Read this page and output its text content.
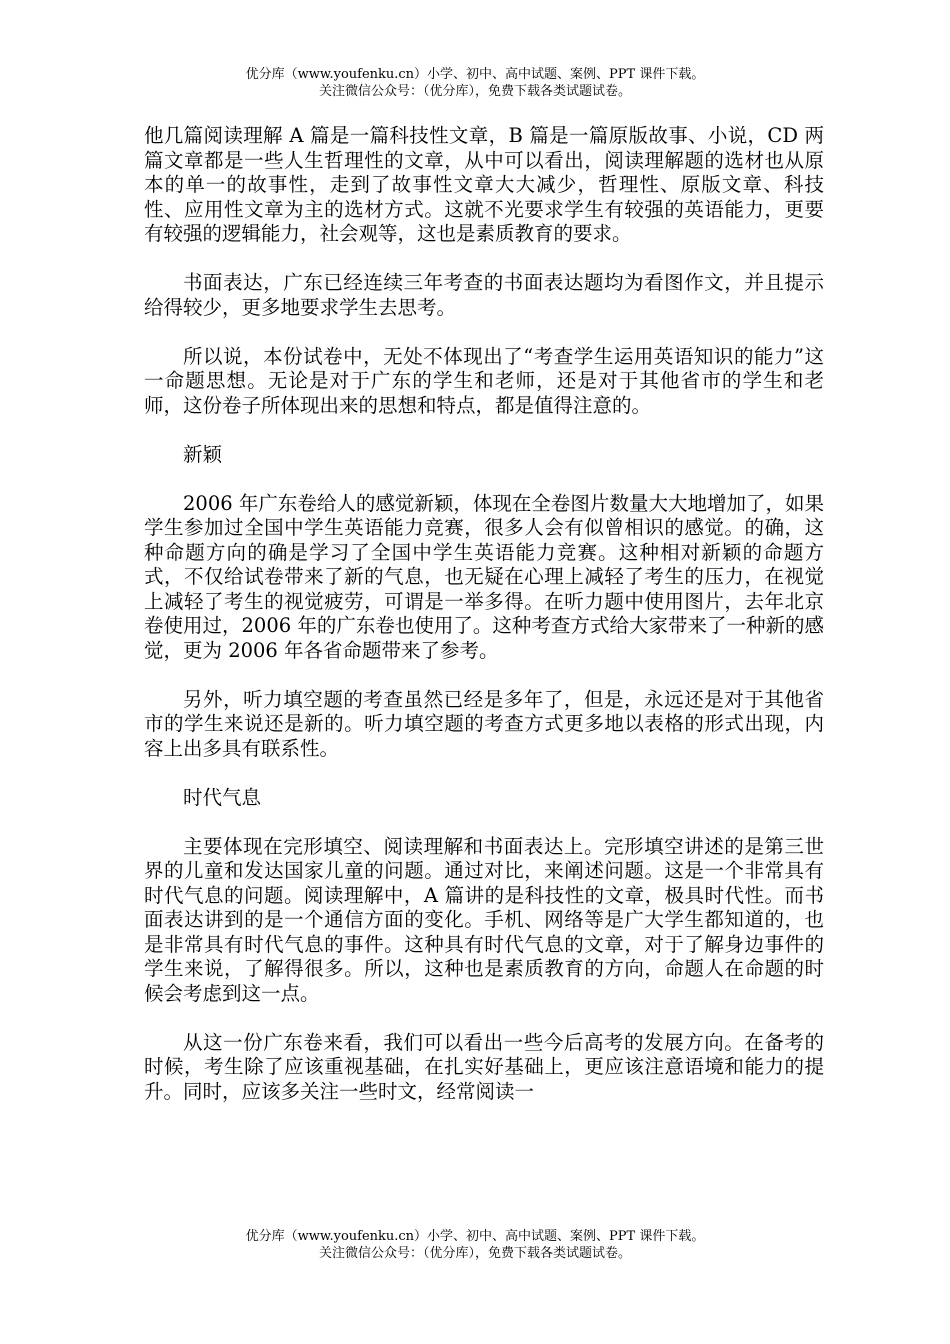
优分库（www.youfenku.cn）小学、初中、高中试题、案例、PPT 课件下载。
关注微信公众号：（优分库），免费下载各类试题试卷。

他几篇阅读理解 A 篇是一篇科技性文章，B 篇是一篇原版故事、小说，CD 两篇文章都是一些人生哲理性的文章，从中可以看出，阅读理解题的选材也从原本的单一的故事性，走到了故事性文章大大减少，哲理性、原版文章、科技性、应用性文章为主的选材方式。这就不光要求学生有较强的英语能力，更要有较强的逻辑能力，社会观等，这也是素质教育的要求。

书面表达，广东已经连续三年考查的书面表达题均为看图作文，并且提示给得较少，更多地要求学生去思考。

所以说，本份试卷中，无处不体现出了“考查学生运用英语知识的能力”这一命题思想。无论是对于广东的学生和老师，还是对于其他省市的学生和老师，这份卷子所体现出来的思想和特点，都是值得注意的。

新颖

2006 年广东卷给人的感觉新颖，体现在全卷图片数量大大地增加了，如果学生参加过全国中学生英语能力竞赛，很多人会有似曾相识的感觉。的确，这种命题方向的确是学习了全国中学生英语能力竞赛。这种相对新颖的命题方式，不仅给试卷带来了新的气息，也无疑在心理上减轻了考生的压力，在视觉上减轻了考生的视觉疲劳，可谓是一举多得。在听力题中使用图片，去年北京卷使用过，2006 年的广东卷也使用了。这种考查方式给大家带来了一种新的感觉，更为 2006 年各省命题带来了参考。

另外，听力填空题的考查虽然已经是多年了，但是，永远还是对于其他省市的学生来说还是新的。听力填空题的考查方式更多地以表格的形式出现，内容上出多具有联系性。

时代气息

主要体现在完形填空、阅读理解和书面表达上。完形填空讲述的是第三世界的儿童和发达国家儿童的问题。通过对比，来阐述问题。这是一个非常具有时代气息的问题。阅读理解中，A 篇讲的是科技性的文章，极具时代性。而书面表达讲到的是一个通信方面的变化。手机、网络等是广大学生都知道的，也是非常具有时代气息的事件。这种具有时代气息的文章，对于了解身边事件的学生来说，了解得很多。所以，这种也是素质教育的方向，命题人在命题的时候会考虑到这一点。

从这一份广东卷来看，我们可以看出一些今后高考的发展方向。在备考的时候，考生除了应该重视基础，在扎实好基础上，更应该注意语境和能力的提升。同时，应该多关注一些时文，经常阅读一

优分库（www.youfenku.cn）小学、初中、高中试题、案例、PPT 课件下载。
关注微信公众号：（优分库），免费下载各类试题试卷。
